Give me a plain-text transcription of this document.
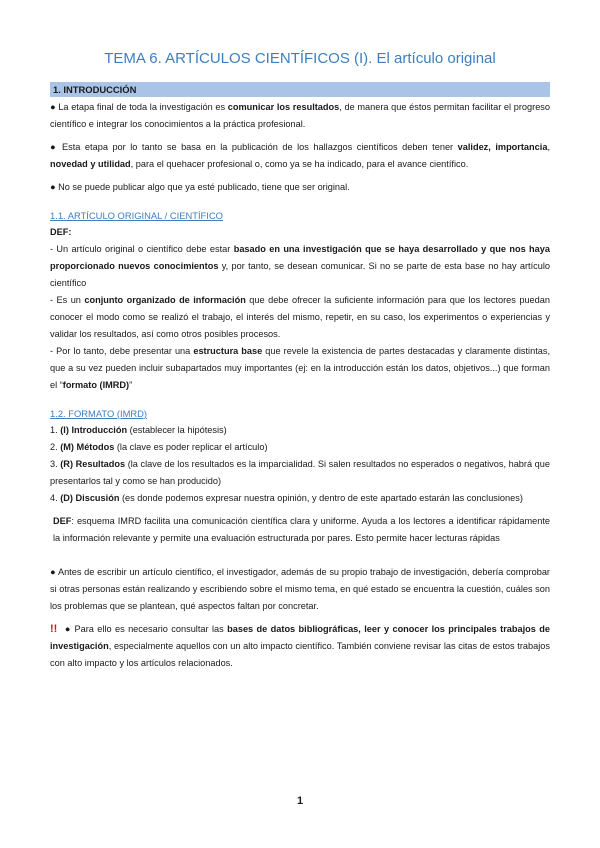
TEMA 6. ARTÍCULOS CIENTÍFICOS (I). El artículo original
1. INTRODUCCIÓN

● La etapa final de toda la investigación es comunicar los resultados, de manera que éstos permitan facilitar el progreso científico e integrar los conocimientos a la práctica profesional.

● Esta etapa por lo tanto se basa en la publicación de los hallazgos científicos deben tener validez, importancia, novedad y utilidad, para el quehacer profesional o, como ya se ha indicado, para el avance científico.

● No se puede publicar algo que ya esté publicado, tiene que ser original.

1.1. ARTÍCULO ORIGINAL / CIENTÍFICO

DEF:

- Un artículo original o científico debe estar basado en una investigación que se haya desarrollado y que nos haya proporcionado nuevos conocimientos y, por tanto, se desean comunicar. Si no se parte de esta base no hay artículo científico

- Es un conjunto organizado de información que debe ofrecer la suficiente información para que los lectores puedan conocer el modo como se realizó el trabajo, el interés del mismo, repetir, en su caso, los experimentos o experiencias y validar los resultados, así como otros posibles procesos.

- Por lo tanto, debe presentar una estructura base que revele la existencia de partes destacadas y claramente distintas, que a su vez pueden incluir subapartados muy importantes (ej: en la introducción están los datos, objetivos...) que forman el “formato (IMRD)”

1.2. FORMATO (IMRD)

1. (I) Introducción (establecer la hipótesis)

2. (M) Métodos (la clave es poder replicar el artículo)

3. (R) Resultados (la clave de los resultados es la imparcialidad. Si salen resultados no esperados o negativos, habrá que presentarlos tal y como se han producido)

4. (D) Discusión (es donde podemos expresar nuestra opinión, y dentro de este apartado estarán las conclusiones)

DEF: esquema IMRD facilita una comunicación científica clara y uniforme. Ayuda a los lectores a identificar rápidamente la información relevante y permite una evaluación estructurada por pares. Esto permite hacer lecturas rápidas

● Antes de escribir un artículo científico, el investigador, además de su propio trabajo de investigación, debería comprobar si otras personas están realizando y escribiendo sobre el mismo tema, en qué estado se encuentra la cuestión, cuáles son los problemas que se plantean, qué aspectos faltan por concretar.

!! ● Para ello es necesario consultar las bases de datos bibliográficas, leer y conocer los principales trabajos de investigación, especialmente aquellos con un alto impacto científico. También conviene revisar las citas de estos trabajos con alto impacto y los artículos relacionados.

1
